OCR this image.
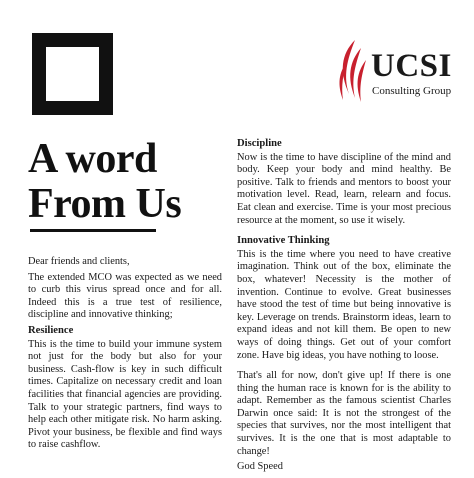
A word
From Us
UCSI
Consulting Group

Dear friends and clients,

The extended MCO was expected as we need to curb this virus spread once and for all. Indeed this is a true test of resilience, discipline and innovative thinking;

Resilience

This is the time to build your immune system not just for the body but also for your business. Cash-flow is key in such difficult times. Capitalize on necessary credit and loan facilities that financial agencies are providing. Talk to your strategic partners, find ways to help each other mitigate risk. No harm asking. Pivot your business, be flexible and find ways to raise cashflow.

Discipline

Now is the time to have discipline of the mind and body. Keep your body and mind healthy. Be positive. Talk to friends and mentors to boost your motivation level. Read, learn, relearn and focus. Eat clean and exercise. Time is your most precious resource at the moment, so use it wisely.

Innovative Thinking

This is the time where you need to have creative imagination. Think out of the box, eliminate the box, whatever! Necessity is the mother of invention. Continue to evolve. Great businesses have stood the test of time but being innovative is key. Leverage on trends. Brainstorm ideas, learn to expand ideas and not kill them. Be open to new ways of doing things. Get out of your comfort zone. Have big ideas, you have nothing to loose.

That's all for now, don't give up! If there is one thing the human race is known for is the ability to adapt. Remember as the famous scientist Charles Darwin once said: It is not the strongest of the species that survives, nor the most intelligent that survives. It is the one that is most adaptable to change!

God Speed
